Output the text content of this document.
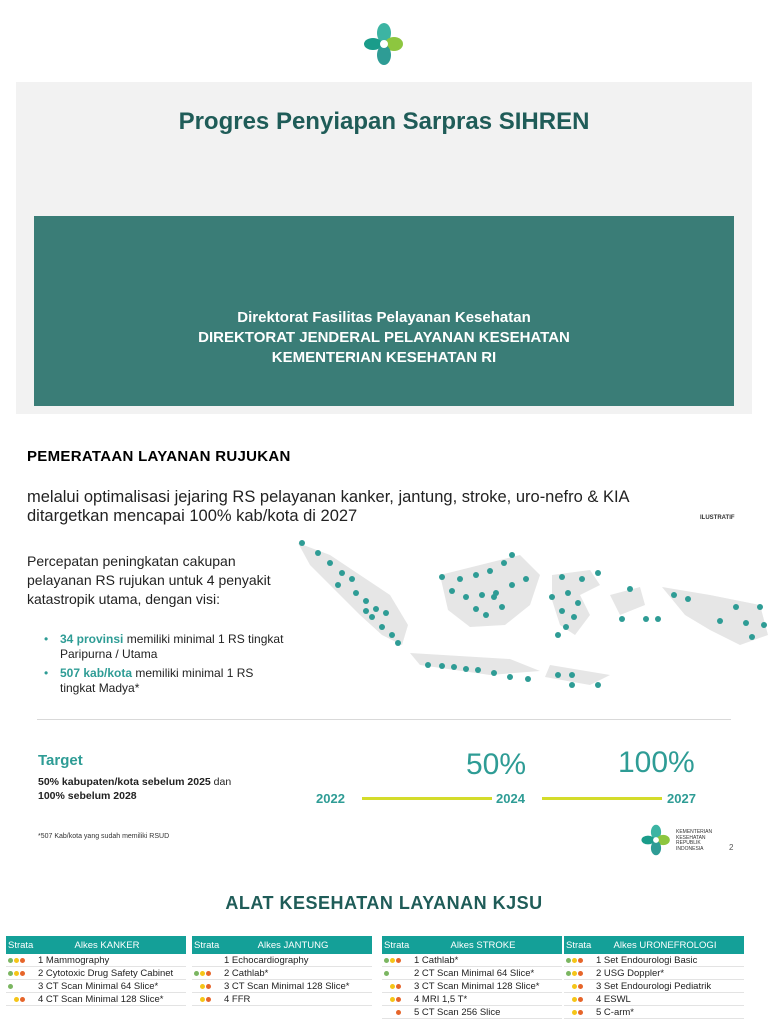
Progres Penyiapan Sarpras SIHREN
Direktorat Fasilitas Pelayanan Kesehatan
DIREKTORAT JENDERAL PELAYANAN KESEHATAN
KEMENTERIAN KESEHATAN RI
PEMERATAAN LAYANAN RUJUKAN
melalui optimalisasi jejaring RS pelayanan kanker, jantung, stroke, uro-nefro & KIA ditargetkan mencapai 100% kab/kota di 2027	ILUSTRATIF
Percepatan peningkatan cakupan pelayanan RS rujukan untuk 4 penyakit katastropik utama, dengan visi:
• 34 provinsi memiliki minimal 1 RS tingkat Paripurna / Utama
• 507 kab/kota memiliki minimal 1 RS tingkat Madya*
Target
50% kabupaten/kota sebelum 2025 dan
100% sebelum 2028
50%	100%
2022	2024	2027
*507 Kab/kota yang sudah memiliki RSUD
KEMENTERIAN KESEHATAN REPUBLIK INDONESIA	2
ALAT KESEHATAN LAYANAN KJSU
Strata	Alkes KANKER
1 Mammography
2 Cytotoxic Drug Safety Cabinet
3 CT Scan Minimal 64 Slice*
4 CT Scan Minimal 128 Slice*
Strata	Alkes JANTUNG
1 Echocardiography
2 Cathlab*
3 CT Scan Minimal 128 Slice*
4 FFR
Strata	Alkes STROKE
1 Cathlab*
2 CT Scan Minimal 64 Slice*
3 CT Scan Minimal 128 Slice*
4 MRI 1,5 T*
5 CT Scan 256 Slice
Strata	Alkes URONEFROLOGI
1 Set Endourologi Basic
2 USG Doppler*
3 Set Endourologi Pediatrik
4 ESWL
5 C-arm*
